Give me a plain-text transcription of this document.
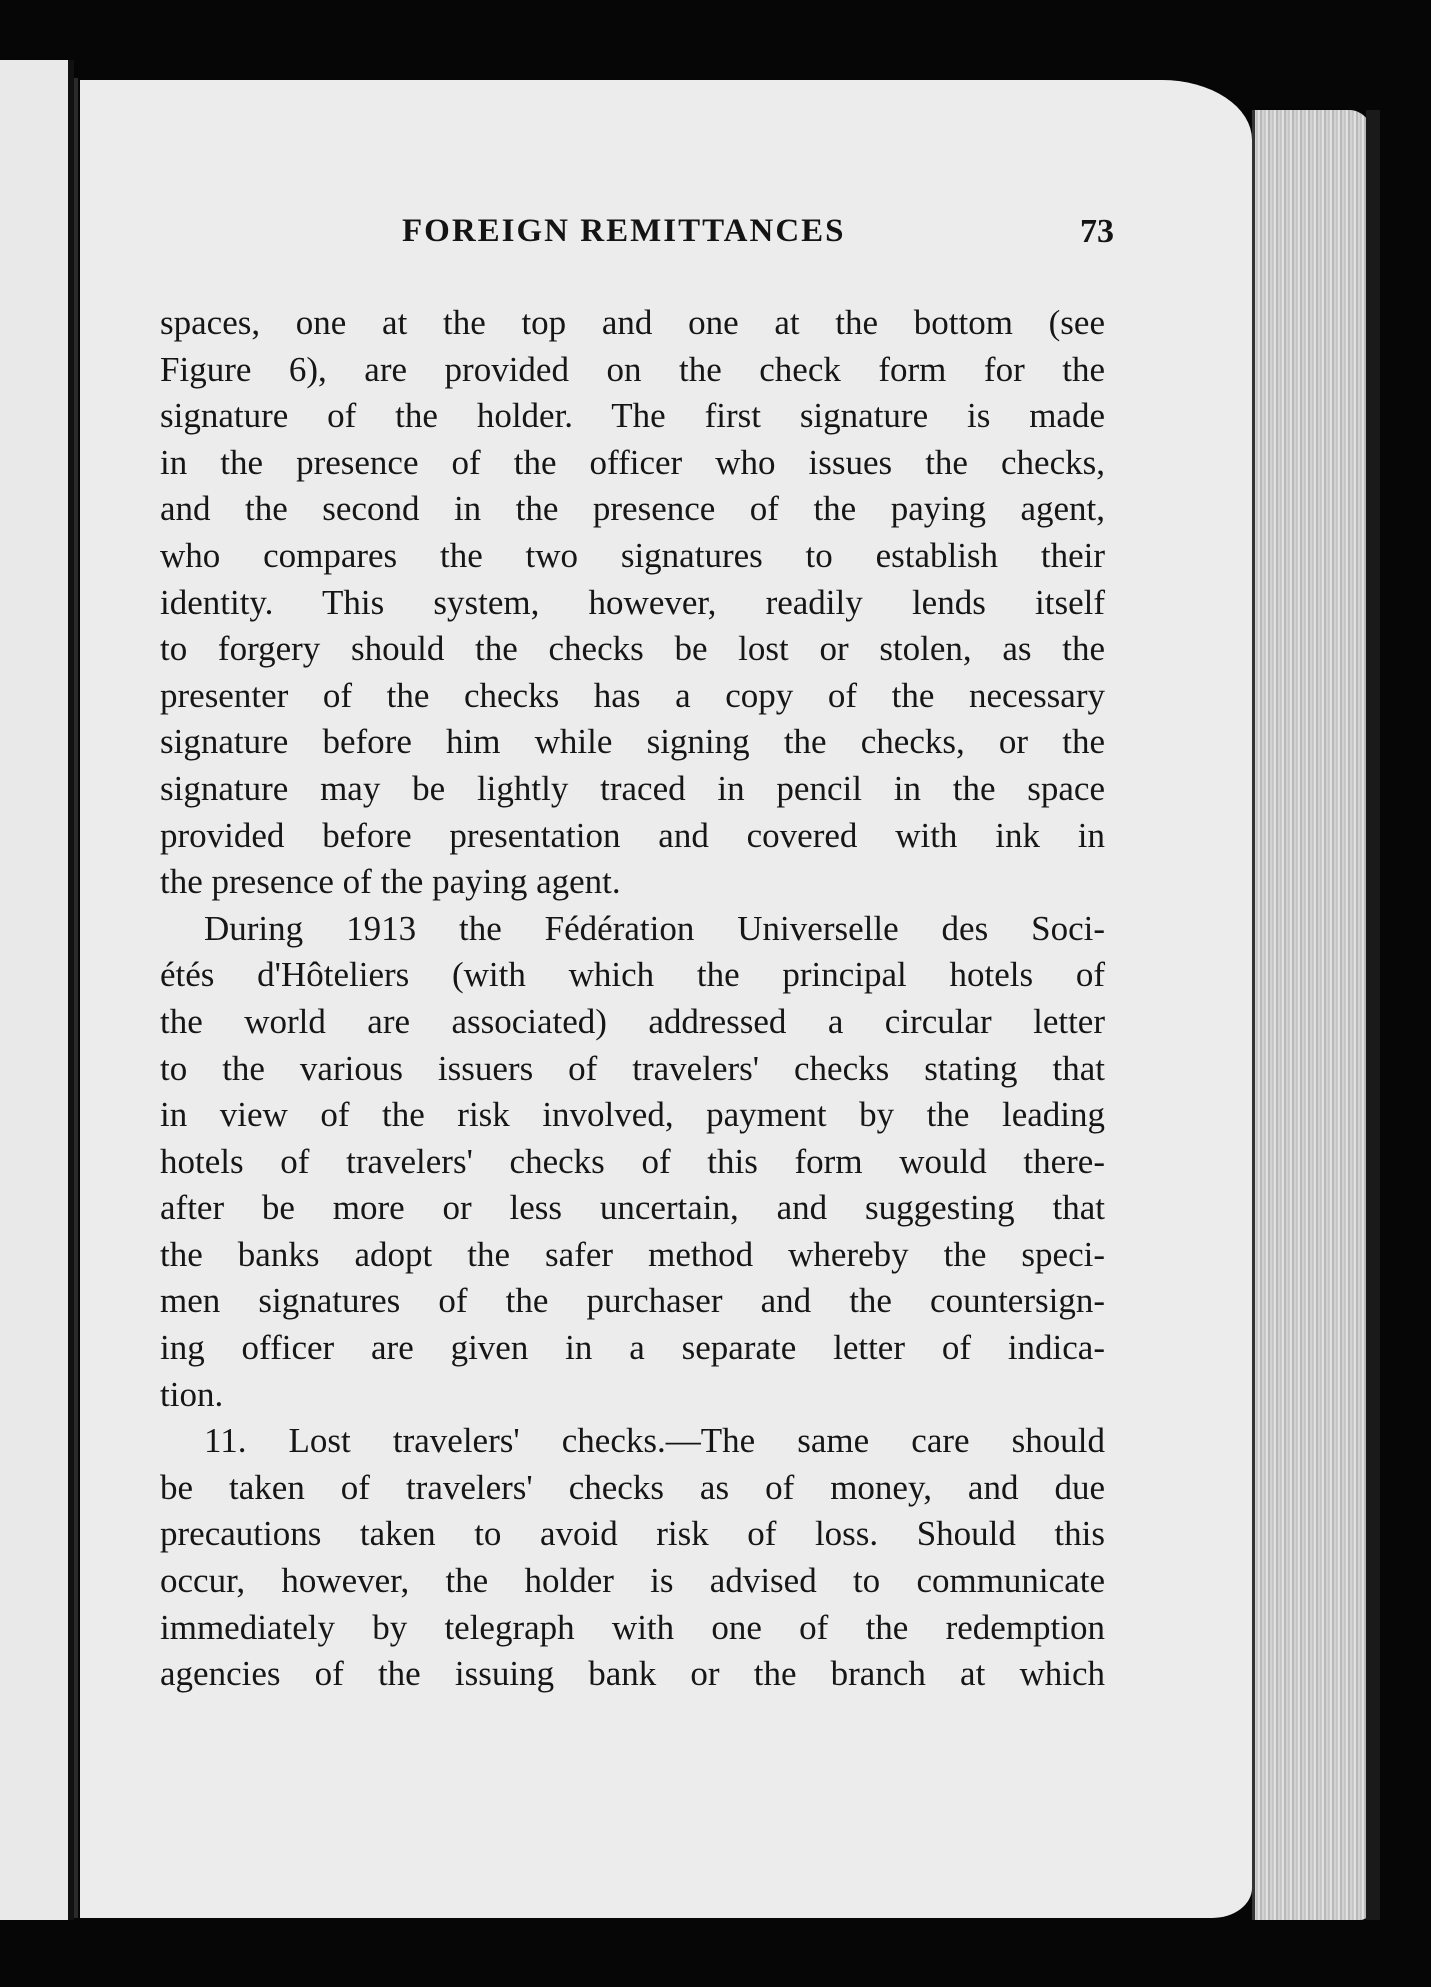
FOREIGN REMITTANCES	73
spaces, one at the top and one at the bottom (see
Figure 6), are provided on the check form for the
signature of the holder. The first signature is made
in the presence of the officer who issues the checks,
and the second in the presence of the paying agent,
who compares the two signatures to establish their
identity. This system, however, readily lends itself
to forgery should the checks be lost or stolen, as the
presenter of the checks has a copy of the necessary
signature before him while signing the checks, or the
signature may be lightly traced in pencil in the space
provided before presentation and covered with ink in
the presence of the paying agent.
During 1913 the Fédération Universelle des Soci-
étés d'Hôteliers (with which the principal hotels of
the world are associated) addressed a circular letter
to the various issuers of travelers' checks stating that
in view of the risk involved, payment by the leading
hotels of travelers' checks of this form would there-
after be more or less uncertain, and suggesting that
the banks adopt the safer method whereby the speci-
men signatures of the purchaser and the countersign-
ing officer are given in a separate letter of indica-
tion.
11. Lost travelers' checks.—The same care should
be taken of travelers' checks as of money, and due
precautions taken to avoid risk of loss. Should this
occur, however, the holder is advised to communicate
immediately by telegraph with one of the redemption
agencies of the issuing bank or the branch at which
